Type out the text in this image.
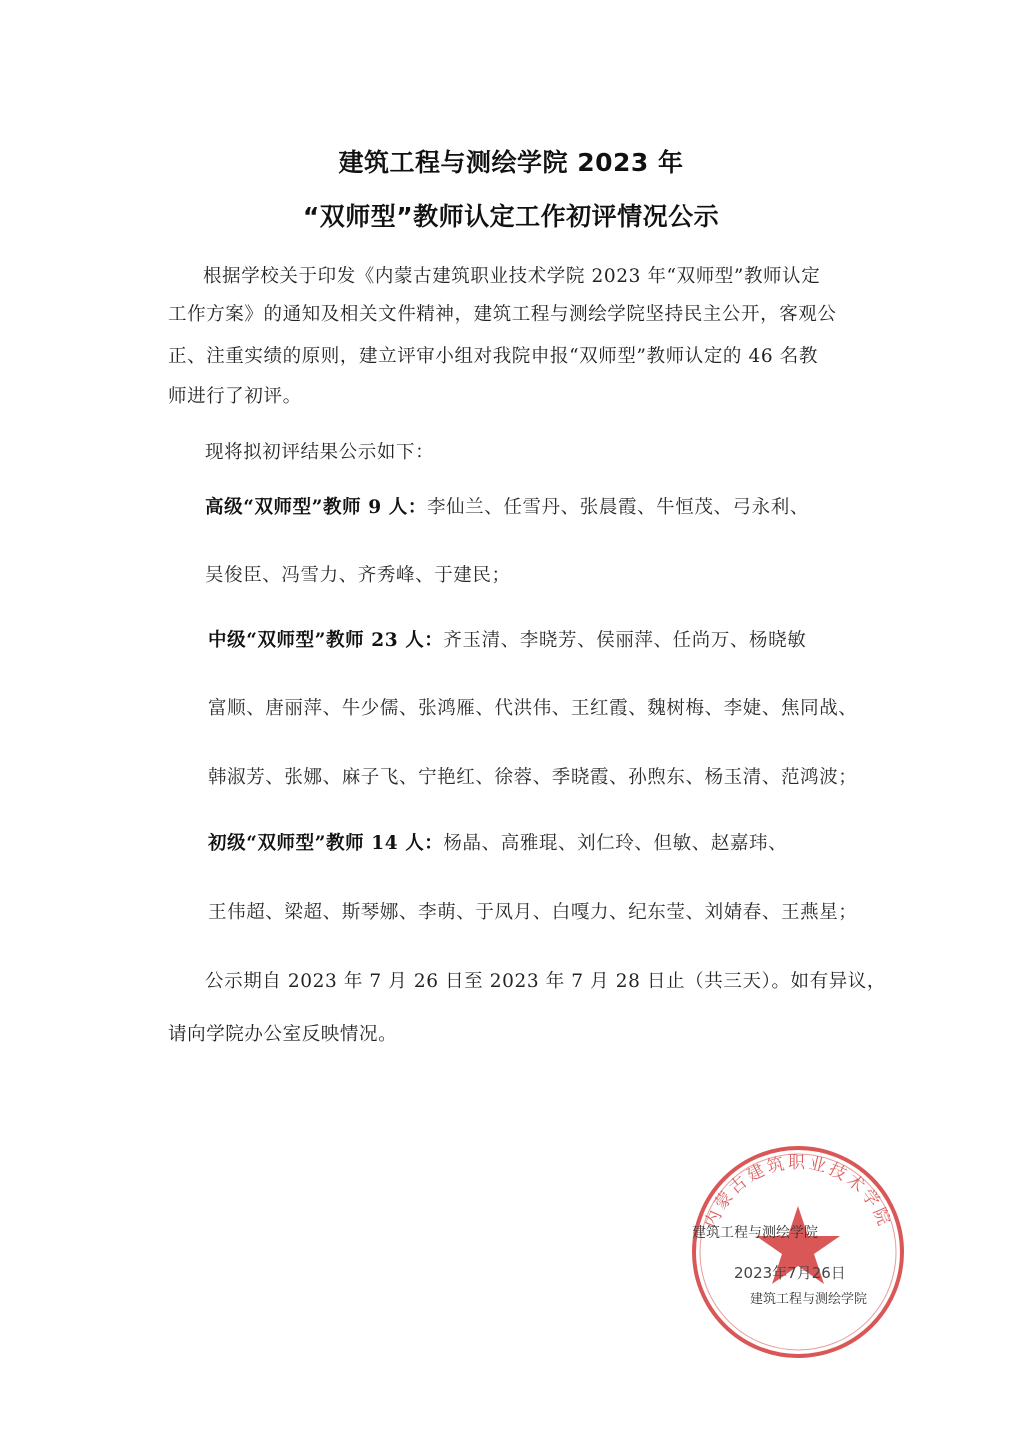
建筑工程与测绘学院 2023 年
“双师型”教师认定工作初评情况公示
根据学校关于印发《内蒙古建筑职业技术学院 2023 年“双师型”教师认定
工作方案》的通知及相关文件精神，建筑工程与测绘学院坚持民主公开，客观公
正、注重实绩的原则，建立评审小组对我院申报“双师型”教师认定的 46 名教
师进行了初评。
现将拟初评结果公示如下：
高级“双师型”教师 9 人：李仙兰、任雪丹、张晨霞、牛恒茂、弓永利、
吴俊臣、冯雪力、齐秀峰、于建民；
中级“双师型”教师 23 人：齐玉清、李晓芳、侯丽萍、任尚万、杨晓敏
富顺、唐丽萍、牛少儒、张鸿雁、代洪伟、王红霞、魏树梅、李婕、焦同战、
韩淑芳、张娜、麻子飞、宁艳红、徐蓉、季晓霞、孙煦东、杨玉清、范鸿波；
初级“双师型”教师 14 人：杨晶、高雅琨、刘仁玲、但敏、赵嘉玮、
王伟超、梁超、斯琴娜、李萌、于凤月、白嘎力、纪东莹、刘婧春、王燕星；
公示期自 2023 年 7 月 26 日至 2023 年 7 月 28 日止（共三天）。如有异议，
请向学院办公室反映情况。
内蒙古建筑职业技术学院
建筑工程与测绘学院
2023年7月26日
建筑工程与测绘学院
